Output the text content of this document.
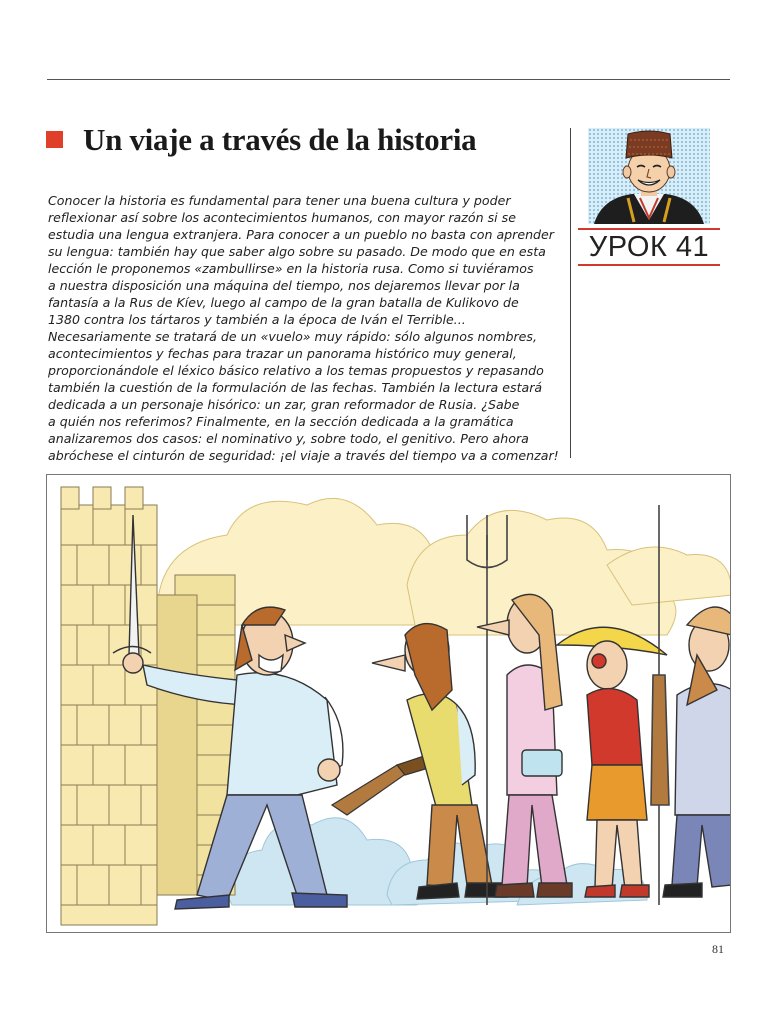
Un viaje a través de la historia
УРОК 41

Conocer la historia es fundamental para tener una buena cultura y poder
reflexionar así sobre los acontecimientos humanos, con mayor razón si se
estudia una lengua extranjera. Para conocer a un pueblo no basta con aprender
su lengua: también hay que saber algo sobre su pasado. De modo que en esta
lección le proponemos «zambullirse» en la historia rusa. Como si tuviéramos
a nuestra disposición una máquina del tiempo, nos dejaremos llevar por la
fantasía a la Rus de Kíev, luego al campo de la gran batalla de Kulikovo de
1380 contra los tártaros y también a la época de Iván el Terrible...
Necesariamente se tratará de un «vuelo» muy rápido: sólo algunos nombres,
acontecimientos y fechas para trazar un panorama histórico muy general,
proporcionándole el léxico básico relativo a los temas propuestos y repasando
también la cuestión de la formulación de las fechas. También la lectura estará
dedicada a un personaje hisórico: un zar, gran reformador de Rusia. ¿Sabe
a quién nos referimos? Finalmente, en la sección dedicada a la gramática
analizaremos dos casos: el nominativo y, sobre todo, el genitivo. Pero ahora
abróchese el cinturón de seguridad: ¡el viaje a través del tiempo va a comenzar!

81
